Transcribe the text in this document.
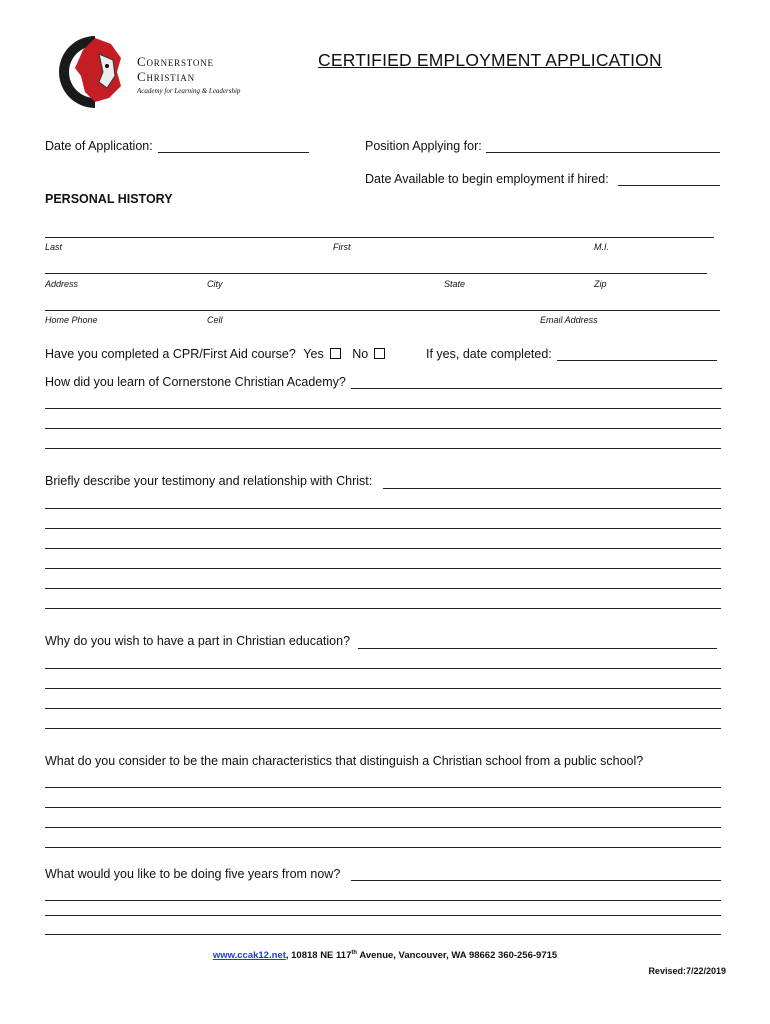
Cornerstone
Christian
Academy for Learning & Leadership
CERTIFIED EMPLOYMENT APPLICATION
Date of Application:	Position Applying for:
Date Available to begin employment if hired:
PERSONAL HISTORY
Last	First	M.I.
Address	City	State	Zip
Home Phone	Cell	Email Address
Have you completed a CPR/First Aid course? Yes No	If yes, date completed:
How did you learn of Cornerstone Christian Academy?
Briefly describe your testimony and relationship with Christ:
Why do you wish to have a part in Christian education?
What do you consider to be the main characteristics that distinguish a Christian school from a public school?
What would you like to be doing five years from now?
www.ccak12.net, 10818 NE 117th Avenue, Vancouver, WA 98662 360-256-9715
Revised:7/22/2019
